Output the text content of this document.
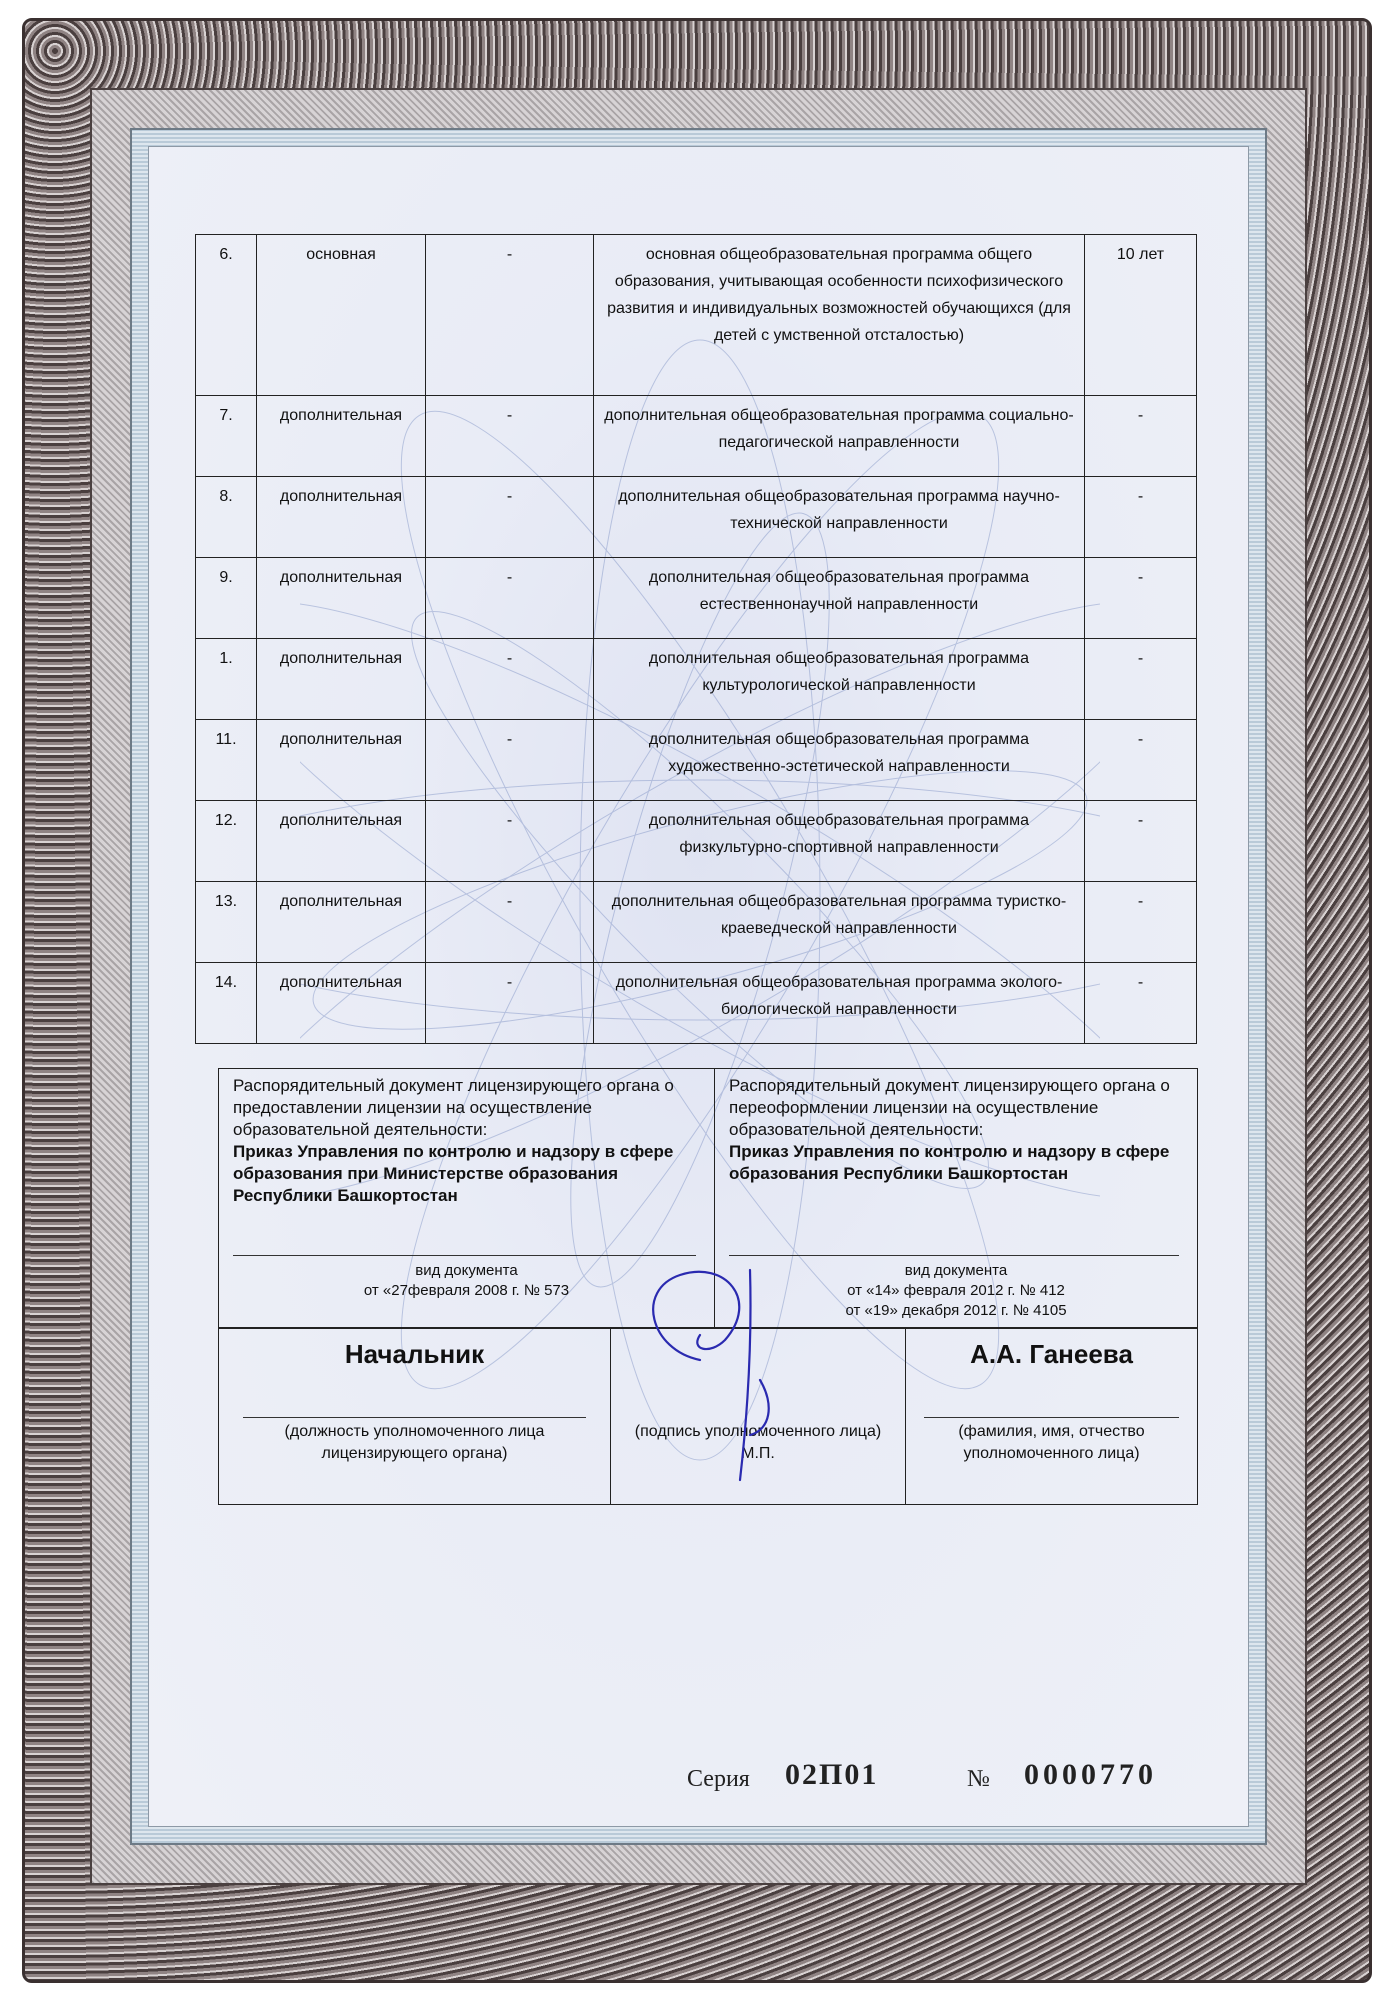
6.	основная	-	основная общеобразовательная программа общего образования, учитывающая особенности психофизического развития и индивидуальных возможностей обучающихся (для детей с умственной отсталостью)	10 лет
7.	дополнительная	-	дополнительная общеобразовательная программа социально-педагогической направленности	-
8.	дополнительная	-	дополнительная общеобразовательная программа научно-технической направленности	-
9.	дополнительная	-	дополнительная общеобразовательная программа естественнонаучной направленности	-
1.	дополнительная	-	дополнительная общеобразовательная программа культурологической направленности	-
11.	дополнительная	-	дополнительная общеобразовательная программа художественно-эстетической направленности	-
12.	дополнительная	-	дополнительная общеобразовательная программа физкультурно-спортивной направленности	-
13.	дополнительная	-	дополнительная общеобразовательная программа туристко-краеведческой направленности	-
14.	дополнительная	-	дополнительная общеобразовательная программа эколого-биологической направленности	-
Распорядительный документ лицензирующего органа о предоставлении лицензии на осуществление образовательной деятельности:
Приказ Управления по контролю и надзору в сфере образования при Министерстве образования Республики Башкортостан
вид документа
от «27февраля 2008 г. № 573
Распорядительный документ лицензирующего органа о переоформлении лицензии на осуществление образовательной деятельности:
Приказ Управления по контролю и надзору в сфере образования Республики Башкортостан
вид документа
от «14» февраля 2012 г. № 412
от «19» декабря 2012 г. № 4105
Начальник
(должность уполномоченного лица лицензирующего органа)
(подпись уполномоченного лица)
М.П.
А.А. Ганеева
(фамилия, имя, отчество уполномоченного лица)
Серия 02П01	№ 0000770
